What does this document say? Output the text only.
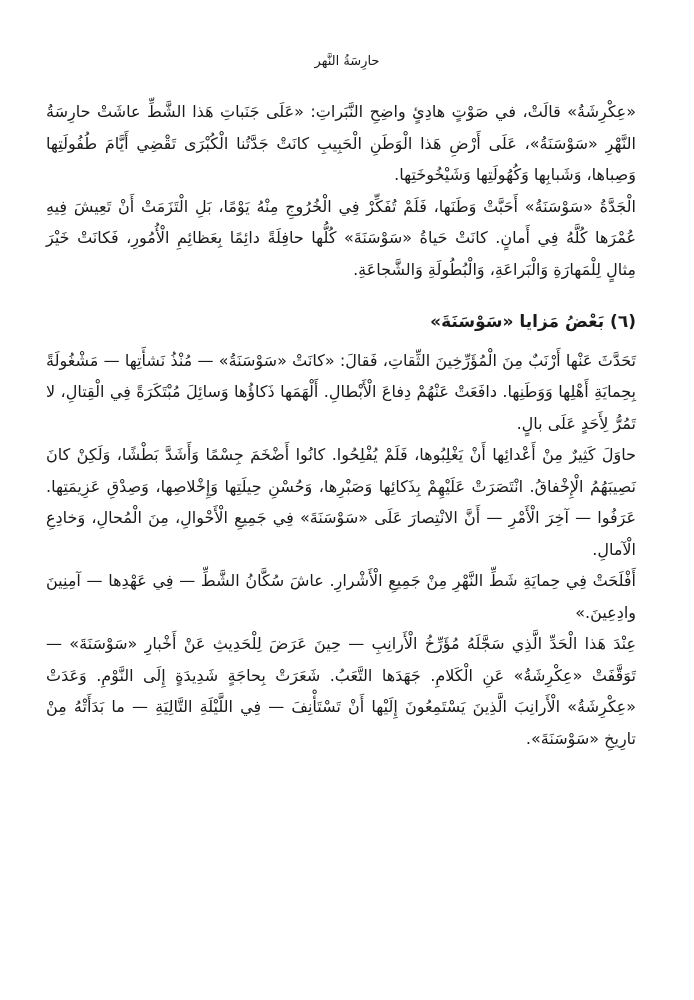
حارِسَةُ النَّهر

«عِكْرِشَةُ» قالَتْ، في صَوْتٍ هادِئٍ واضِحِ النَّبَراتِ: «عَلَى جَنَباتِ هَذا الشَّطِّ عاشَتْ حارِسَةُ النَّهْرِ «سَوْسَنَةُ»، عَلَى أَرْضِ هَذا الْوَطَنِ الْحَبِيبِ كانَتْ جَدَّتُنا الْكُبْرَى تَقْضِي أَيَّامَ طُفُولَتِها وَصِباها، وَشَبابِها وَكُهُولَتِها وَشَيْخُوخَتِها.

الْجَدَّةُ «سَوْسَنَةُ» أَحَبَّتْ وَطَنَها، فَلَمْ تُفَكِّرْ فِي الْخُرُوجِ مِنْهُ يَوْمًا، بَلِ الْتَزَمَتْ أَنْ تَعِيشَ فِيهِ عُمْرَها كُلَّهُ فِي أَمانٍ. كانَتْ حَياةُ «سَوْسَنَةَ» كُلُّها حافِلَةً دائِمًا بِعَظائِمِ الْأُمُورِ، فَكانَتْ خَيْرَ مِثالٍ لِلْمَهارَةِ وَالْبَراعَةِ، وَالْبُطُولَةِ وَالشَّجاعَةِ.

(٦) بَعْضُ مَزايا «سَوْسَنَةَ»

تَحَدَّثَ عَنْها أَرْنَبٌ مِنَ الْمُؤَرِّخِينَ الثِّقاتِ، فَقالَ: «كانَتْ «سَوْسَنَةُ» — مُنْذُ نَشأَتِها — مَشْغُولَةً بِحِمايَةِ أَهْلِها وَوَطَنِها. دافَعَتْ عَنْهُمْ دِفاعَ الْأَبْطالِ. أَلْهَمَها ذَكاؤُها وَسائِلَ مُبْتَكَرَةً فِي الْقِتالِ، لا تَمُرُّ لِأَحَدٍ عَلَى بالٍ.

حاوَلَ كَثِيرٌ مِنْ أَعْدائِها أَنْ يَغْلِبُوها، فَلَمْ يُفْلِحُوا. كانُوا أَضْخَمَ جِسْمًا وَأَشَدَّ بَطْشًا، وَلَكِنْ كانَ نَصِيبَهُمُ الْإِخْفاقُ. انْتَصَرَتْ عَلَيْهِمْ بِذَكائِها وَصَبْرِها، وَحُسْنِ حِيلَتِها وَإِخْلاصِها، وَصِدْقِ عَزِيمَتِها. عَرَفُوا — آخِرَ الْأَمْرِ — أَنَّ الانْتِصارَ عَلَى «سَوْسَنَةَ» فِي جَمِيعِ الْأَحْوالِ، مِنَ الْمُحالِ، وَخادِعِ الْآمالِ.

أَفْلَحَتْ فِي حِمايَةِ شَطِّ النَّهْرِ مِنْ جَمِيعِ الْأَشْرارِ. عاشَ سُكَّانُ الشَّطِّ — فِي عَهْدِها — آمِنِينَ وادِعِينَ.»

عِنْدَ هَذا الْحَدِّ الَّذِي سَجَّلَهُ مُؤَرِّخُ الْأَرانِبِ — حِينَ عَرَضَ لِلْحَدِيثِ عَنْ أَخْبارِ «سَوْسَنَةَ» — تَوَقَّفَتْ «عِكْرِشَةُ» عَنِ الْكَلامِ. جَهَدَها التَّعَبُ. شَعَرَتْ بِحاجَةٍ شَدِيدَةٍ إِلَى النَّوْمِ. وَعَدَتْ «عِكْرِشَةُ» الْأَرانِبَ الَّذِينَ يَسْتَمِعُونَ إِلَيْها أَنْ تَسْتَأْنِفَ — فِي اللَّيْلَةِ التَّالِيَةِ — ما بَدَأَتْهُ مِنْ تارِيخِ «سَوْسَنَةَ».
